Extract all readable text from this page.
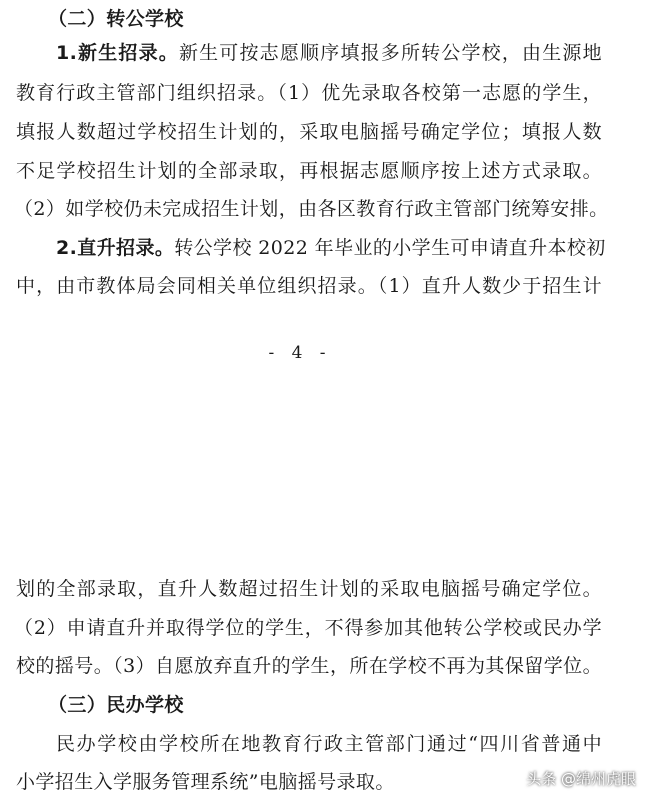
（二）转公学校
1.新生招录。新生可按志愿顺序填报多所转公学校，由生源地
教育行政主管部门组织招录。（1）优先录取各校第一志愿的学生，
填报人数超过学校招生计划的，采取电脑摇号确定学位；填报人数
不足学校招生计划的全部录取，再根据志愿顺序按上述方式录取。
（2）如学校仍未完成招生计划，由各区教育行政主管部门统筹安排。
2.直升招录。转公学校 2022 年毕业的小学生可申请直升本校初
中，由市教体局会同相关单位组织招录。（1）直升人数少于招生计
- 4 -
划的全部录取，直升人数超过招生计划的采取电脑摇号确定学位。
（2）申请直升并取得学位的学生，不得参加其他转公学校或民办学
校的摇号。（3）自愿放弃直升的学生，所在学校不再为其保留学位。
（三）民办学校
民办学校由学校所在地教育行政主管部门通过“四川省普通中
小学招生入学服务管理系统”电脑摇号录取。	头条 @绵州虎眼
